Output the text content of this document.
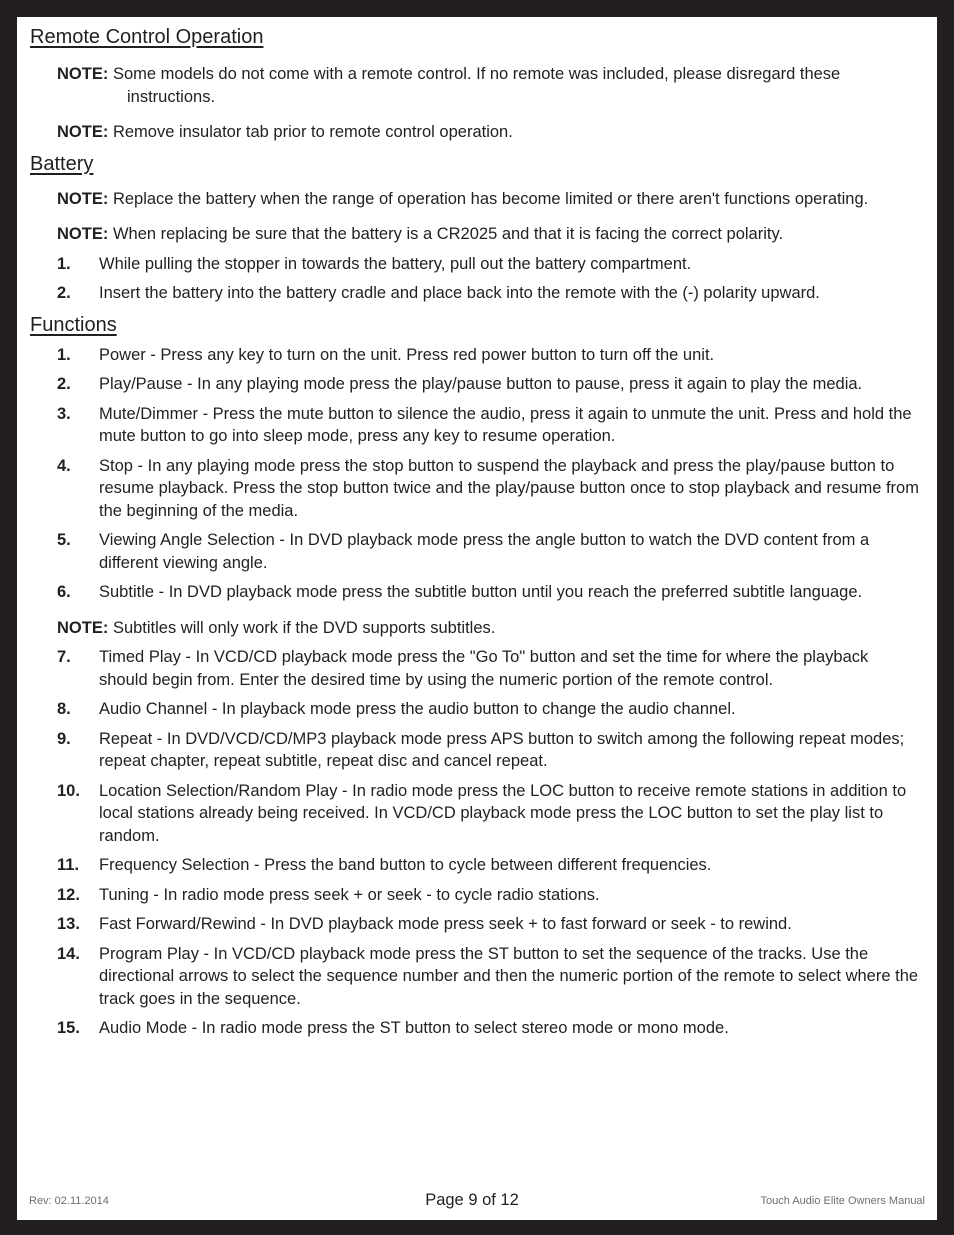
Remote Control Operation
NOTE: Some models do not come with a remote control. If no remote was included, please disregard these instructions.
NOTE: Remove insulator tab prior to remote control operation.
Battery
NOTE: Replace the battery when the range of operation has become limited or there aren't functions operating.
NOTE: When replacing be sure that the battery is a CR2025 and that it is facing the correct polarity.
1.	While pulling the stopper in towards the battery, pull out the battery compartment.
2.	Insert the battery into the battery cradle and place back into the remote with the (-) polarity upward.
Functions
1.	Power - Press any key to turn on the unit. Press red power button to turn off the unit.
2.	Play/Pause - In any playing mode press the play/pause button to pause, press it again to play the media.
3.	Mute/Dimmer - Press the mute button to silence the audio, press it again to unmute the unit. Press and hold the mute button to go into sleep mode, press any key to resume operation.
4.	Stop - In any playing mode press the stop button to suspend the playback and press the play/pause button to resume playback. Press the stop button twice and the play/pause button once to stop playback and resume from the beginning of the media.
5.	Viewing Angle Selection - In DVD playback mode press the angle button to watch the DVD content from a different viewing angle.
6.	Subtitle - In DVD playback mode press the subtitle button until you reach the preferred subtitle language.
NOTE: Subtitles will only work if the DVD supports subtitles.
7.	Timed Play - In VCD/CD playback mode press the "Go To" button and set the time for where the playback should begin from. Enter the desired time by using the numeric portion of the remote control.
8.	Audio Channel - In playback mode press the audio button to change the audio channel.
9.	Repeat - In DVD/VCD/CD/MP3 playback mode press APS button to switch among the following repeat modes; repeat chapter, repeat subtitle, repeat disc and cancel repeat.
10.	Location Selection/Random Play - In radio mode press the LOC button to receive remote stations in addition to local stations already being received. In VCD/CD playback mode press the LOC button to set the play list to random.
11.	Frequency Selection - Press the band button to cycle between different frequencies.
12.	Tuning - In radio mode press seek + or seek - to cycle radio stations.
13.	Fast Forward/Rewind - In DVD playback mode press seek + to fast forward or seek - to rewind.
14.	Program Play - In VCD/CD playback mode press the ST button to set the sequence of the tracks. Use the directional arrows to select the sequence number and then the numeric portion of the remote to select where the track goes in the sequence.
15.	Audio Mode - In radio mode press the ST button to select stereo mode or mono mode.
Rev: 02.11.2014	Page 9 of 12	Touch Audio Elite Owners Manual
